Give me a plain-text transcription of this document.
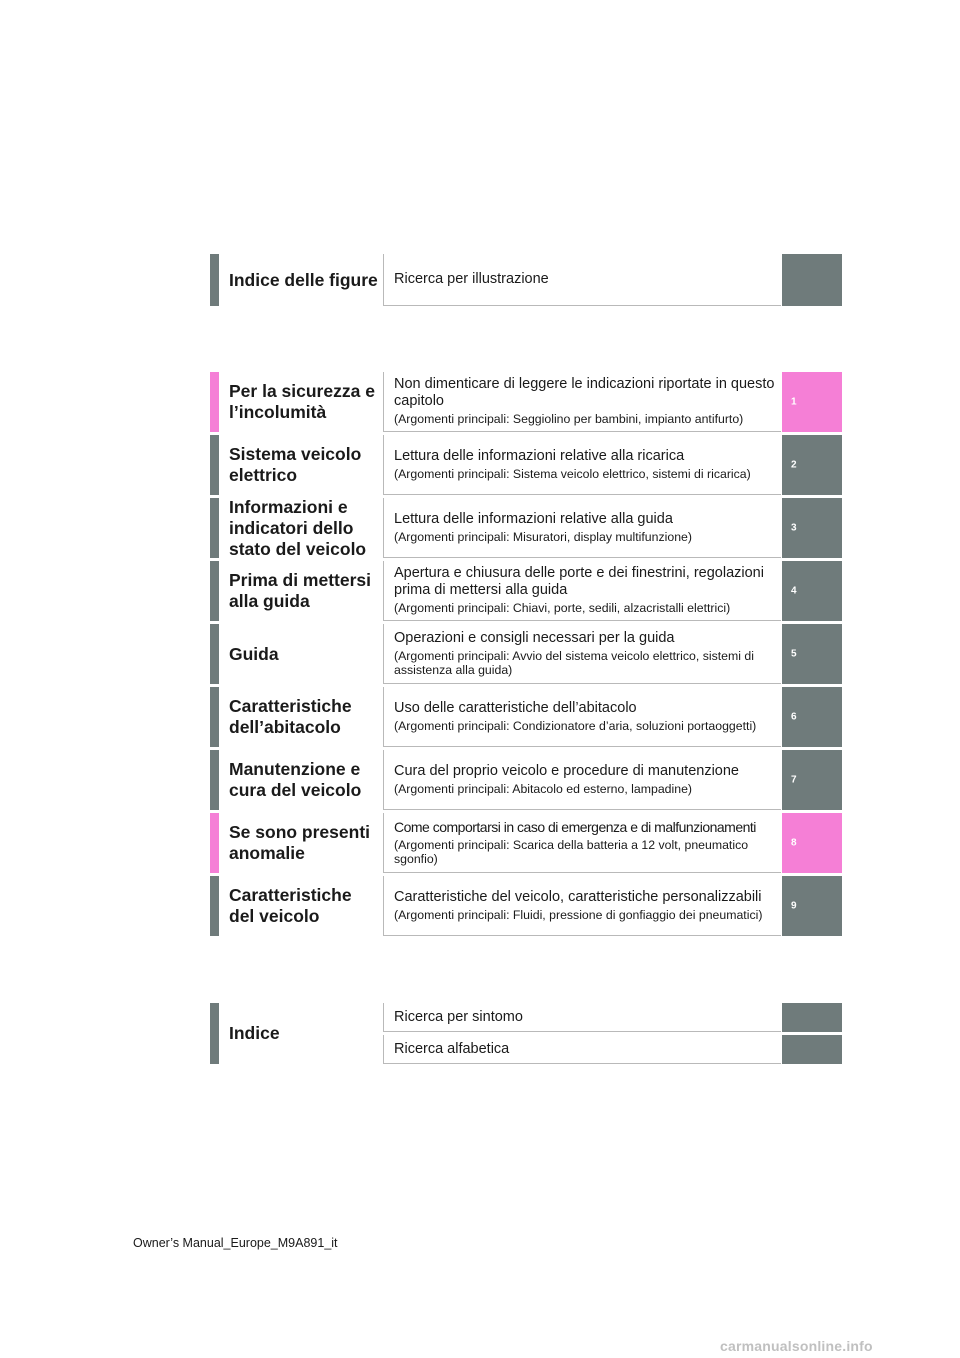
Indice delle figure Ricerca per illustrazione
Per la sicurezza e l’incolumità
Non dimenticare di leggere le indicazioni riportate in questo capitolo
(Argomenti principali: Seggiolino per bambini, impianto antifurto)
1
Sistema veicolo elettrico
Lettura delle informazioni relative alla ricarica
(Argomenti principali: Sistema veicolo elettrico, sistemi di ricarica)
2
Informazioni e indicatori dello stato del veicolo
Lettura delle informazioni relative alla guida
(Argomenti principali: Misuratori, display multifunzione)
3
Prima di mettersi alla guida
Apertura e chiusura delle porte e dei finestrini, regolazioni prima di mettersi alla guida
(Argomenti principali: Chiavi, porte, sedili, alzacristalli elettrici)
4
Guida
Operazioni e consigli necessari per la guida
(Argomenti principali: Avvio del sistema veicolo elettrico, sistemi di assistenza alla guida)
5
Caratteristiche dell’abitacolo
Uso delle caratteristiche dell’abitacolo
(Argomenti principali: Condizionatore d’aria, soluzioni portaoggetti)
6
Manutenzione e cura del veicolo
Cura del proprio veicolo e procedure di manutenzione
(Argomenti principali: Abitacolo ed esterno, lampadine)
7
Se sono presenti anomalie
Come comportarsi in caso di emergenza e di malfunzionamenti
(Argomenti principali: Scarica della batteria a 12 volt, pneumatico sgonfio)
8
Caratteristiche del veicolo
Caratteristiche del veicolo, caratteristiche personalizzabili
(Argomenti principali: Fluidi, pressione di gonfiaggio dei pneumatici)
9
Indice
Ricerca per sintomo
Ricerca alfabetica
Owner’s Manual_Europe_M9A891_it
carmanualsonline.info
